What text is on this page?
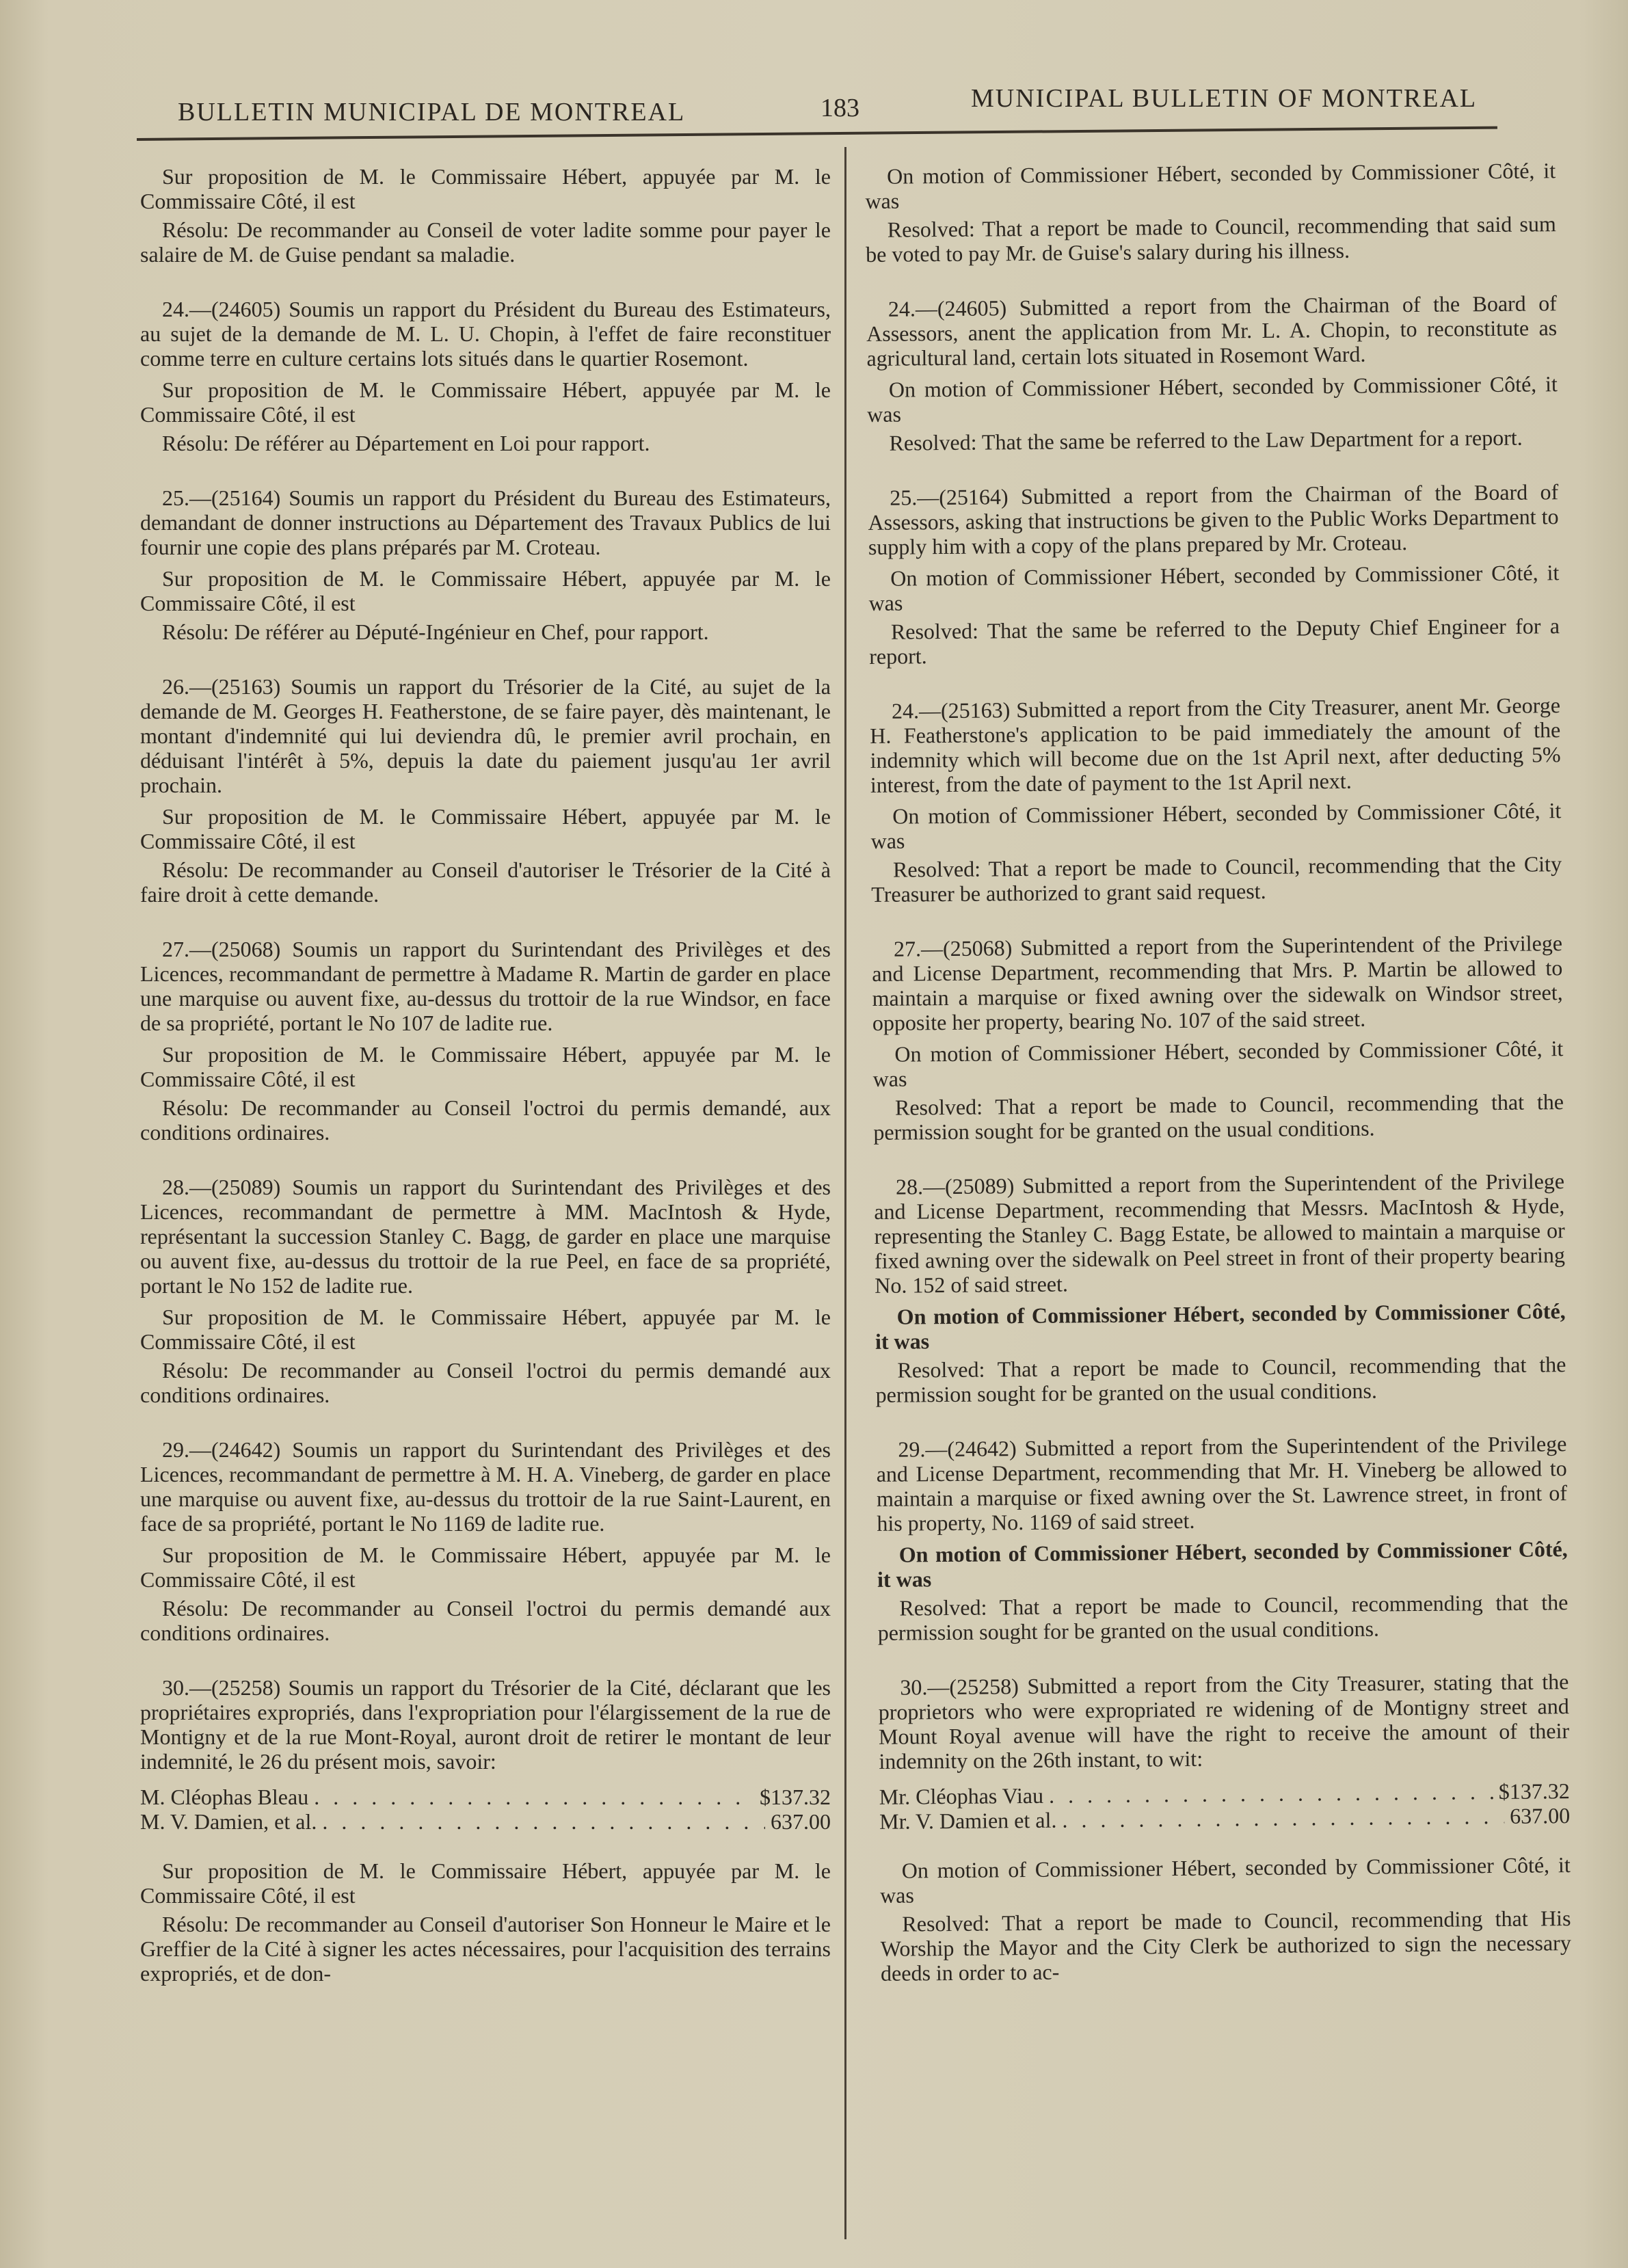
BULLETIN MUNICIPAL DE MONTREAL	183	MUNICIPAL BULLETIN OF MONTREAL

Sur proposition de M. le Commissaire Hébert, appuyée par M. le Commissaire Côté, il est

Résolu: De recommander au Conseil de voter ladite somme pour payer le salaire de M. de Guise pendant sa maladie.

24.—(24605) Soumis un rapport du Président du Bureau des Estimateurs, au sujet de la demande de M. L. U. Chopin, à l'effet de faire reconstituer comme terre en culture certains lots situés dans le quartier Rosemont.

Sur proposition de M. le Commissaire Hébert, appuyée par M. le Commissaire Côté, il est

Résolu: De référer au Département en Loi pour rapport.

25.—(25164) Soumis un rapport du Président du Bureau des Estimateurs, demandant de donner instructions au Département des Travaux Publics de lui fournir une copie des plans préparés par M. Croteau.

Sur proposition de M. le Commissaire Hébert, appuyée par M. le Commissaire Côté, il est

Résolu: De référer au Député-Ingénieur en Chef, pour rapport.

26.—(25163) Soumis un rapport du Trésorier de la Cité, au sujet de la demande de M. Georges H. Featherstone, de se faire payer, dès maintenant, le montant d'indemnité qui lui deviendra dû, le premier avril prochain, en déduisant l'intérêt à 5%, depuis la date du paiement jusqu'au 1er avril prochain.

Sur proposition de M. le Commissaire Hébert, appuyée par M. le Commissaire Côté, il est

Résolu: De recommander au Conseil d'autoriser le Trésorier de la Cité à faire droit à cette demande.

27.—(25068) Soumis un rapport du Surintendant des Privilèges et des Licences, recommandant de permettre à Madame R. Martin de garder en place une marquise ou auvent fixe, au-dessus du trottoir de la rue Windsor, en face de sa propriété, portant le No 107 de ladite rue.

Sur proposition de M. le Commissaire Hébert, appuyée par M. le Commissaire Côté, il est

Résolu: De recommander au Conseil l'octroi du permis demandé, aux conditions ordinaires.

28.—(25089) Soumis un rapport du Surintendant des Privilèges et des Licences, recommandant de permettre à MM. MacIntosh & Hyde, représentant la succession Stanley C. Bagg, de garder en place une marquise ou auvent fixe, au-dessus du trottoir de la rue Peel, en face de sa propriété, portant le No 152 de ladite rue.

Sur proposition de M. le Commissaire Hébert, appuyée par M. le Commissaire Côté, il est

Résolu: De recommander au Conseil l'octroi du permis demandé aux conditions ordinaires.

29.—(24642) Soumis un rapport du Surintendant des Privilèges et des Licences, recommandant de permettre à M. H. A. Vineberg, de garder en place une marquise ou auvent fixe, au-dessus du trottoir de la rue Saint-Laurent, en face de sa propriété, portant le No 1169 de ladite rue.

Sur proposition de M. le Commissaire Hébert, appuyée par M. le Commissaire Côté, il est

Résolu: De recommander au Conseil l'octroi du permis demandé aux conditions ordinaires.

30.—(25258) Soumis un rapport du Trésorier de la Cité, déclarant que les propriétaires expropriés, dans l'expropriation pour l'élargissement de la rue de Montigny et de la rue Mont-Royal, auront droit de retirer le montant de leur indemnité, le 26 du présent mois, savoir:

M. Cléophas Bleau . . .	$137.32
M. V. Damien, et al. . . .	637.00

Sur proposition de M. le Commissaire Hébert, appuyée par M. le Commissaire Côté, il est

Résolu: De recommander au Conseil d'autoriser Son Honneur le Maire et le Greffier de la Cité à signer les actes nécessaires, pour l'acquisition des terrains expropriés, et de don-

On motion of Commissioner Hébert, seconded by Commissioner Côté, it was

Resolved: That a report be made to Council, recommending that said sum be voted to pay Mr. de Guise's salary during his illness.

24.—(24605) Submitted a report from the Chairman of the Board of Assessors, anent the application from Mr. L. A. Chopin, to reconstitute as agricultural land, certain lots situated in Rosemont Ward.

On motion of Commissioner Hébert, seconded by Commissioner Côté, it was

Resolved: That the same be referred to the Law Department for a report.

25.—(25164) Submitted a report from the Chairman of the Board of Assessors, asking that instructions be given to the Public Works Department to supply him with a copy of the plans prepared by Mr. Croteau.

On motion of Commissioner Hébert, seconded by Commissioner Côté, it was

Resolved: That the same be referred to the Deputy Chief Engineer for a report.

24.—(25163) Submitted a report from the City Treasurer, anent Mr. George H. Featherstone's application to be paid immediately the amount of the indemnity which will become due on the 1st April next, after deducting 5% interest, from the date of payment to the 1st April next.

On motion of Commissioner Hébert, seconded by Commissioner Côté, it was

Resolved: That a report be made to Council, recommending that the City Treasurer be authorized to grant said request.

27.—(25068) Submitted a report from the Superintendent of the Privilege and License Department, recommending that Mrs. P. Martin be allowed to maintain a marquise or fixed awning over the sidewalk on Windsor street, opposite her property, bearing No. 107 of the said street.

On motion of Commissioner Hébert, seconded by Commissioner Côté, it was

Resolved: That a report be made to Council, recommending that the permission sought for be granted on the usual conditions.

28.—(25089) Submitted a report from the Superintendent of the Privilege and License Department, recommending that Messrs. MacIntosh & Hyde, representing the Stanley C. Bagg Estate, be allowed to maintain a marquise or fixed awning over the sidewalk on Peel street in front of their property bearing No. 152 of said street.

On motion of Commissioner Hébert, seconded by Commissioner Côté, it was

Resolved: That a report be made to Council, recommending that the permission sought for be granted on the usual conditions.

29.—(24642) Submitted a report from the Superintendent of the Privilege and License Department, recommending that Mr. H. Vineberg be allowed to maintain a marquise or fixed awning over the St. Lawrence street, in front of his property, No. 1169 of said street.

On motion of Commissioner Hébert, seconded by Commissioner Côté, it was

Resolved: That a report be made to Council, recommending that the permission sought for be granted on the usual conditions.

30.—(25258) Submitted a report from the City Treasurer, stating that the proprietors who were expropriated re widening of de Montigny street and Mount Royal avenue will have the right to receive the amount of their indemnity on the 26th instant, to wit:

Mr. Cléophas Viau . . .	$137.32
Mr. V. Damien et al. . . .	637.00

On motion of Commissioner Hébert, seconded by Commissioner Côté, it was

Resolved: That a report be made to Council, recommending that His Worship the Mayor and the City Clerk be authorized to sign the necessary deeds in order to ac-
